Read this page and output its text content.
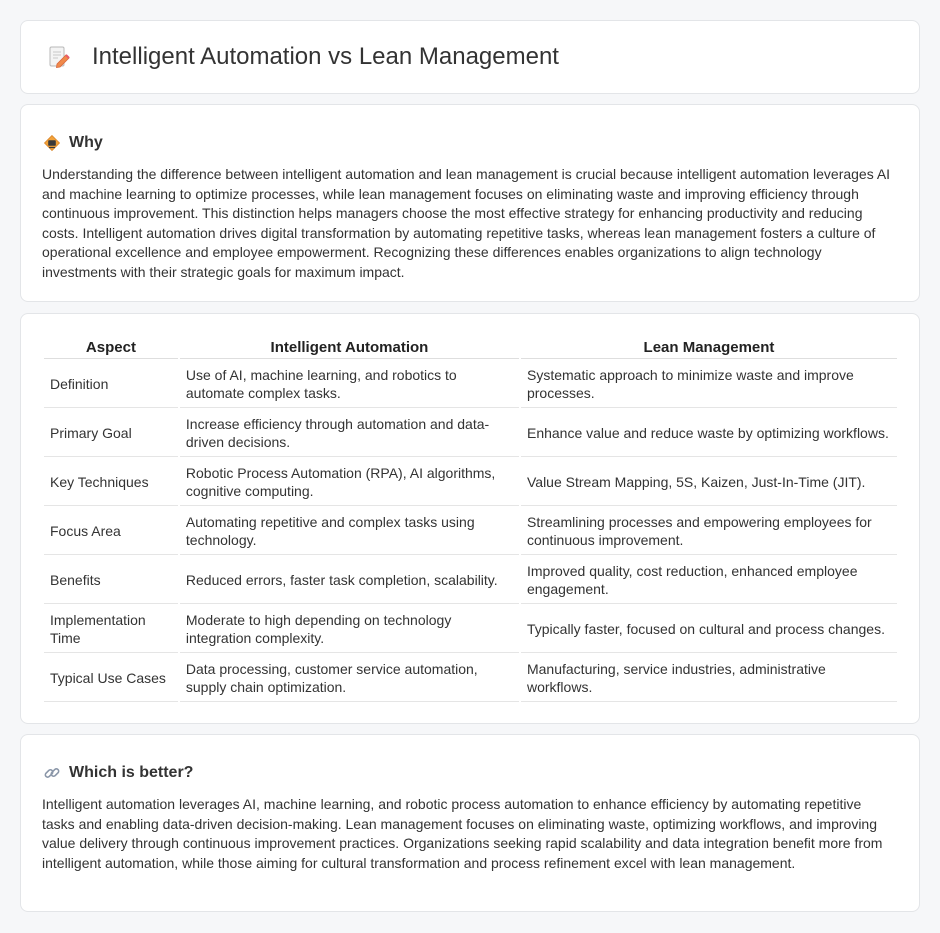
Intelligent Automation vs Lean Management
Why

Understanding the difference between intelligent automation and lean management is crucial because intelligent automation leverages AI and machine learning to optimize processes, while lean management focuses on eliminating waste and improving efficiency through continuous improvement. This distinction helps managers choose the most effective strategy for enhancing productivity and reducing costs. Intelligent automation drives digital transformation by automating repetitive tasks, whereas lean management fosters a culture of operational excellence and employee empowerment. Recognizing these differences enables organizations to align technology investments with their strategic goals for maximum impact.

Aspect	Intelligent Automation	Lean Management
Definition	Use of AI, machine learning, and robotics to automate complex tasks.	Systematic approach to minimize waste and improve processes.
Primary Goal	Increase efficiency through automation and data-driven decisions.	Enhance value and reduce waste by optimizing workflows.
Key Techniques	Robotic Process Automation (RPA), AI algorithms, cognitive computing.	Value Stream Mapping, 5S, Kaizen, Just-In-Time (JIT).
Focus Area	Automating repetitive and complex tasks using technology.	Streamlining processes and empowering employees for continuous improvement.
Benefits	Reduced errors, faster task completion, scalability.	Improved quality, cost reduction, enhanced employee engagement.
Implementation Time	Moderate to high depending on technology integration complexity.	Typically faster, focused on cultural and process changes.
Typical Use Cases	Data processing, customer service automation, supply chain optimization.	Manufacturing, service industries, administrative workflows.
Which is better?

Intelligent automation leverages AI, machine learning, and robotic process automation to enhance efficiency by automating repetitive tasks and enabling data-driven decision-making. Lean management focuses on eliminating waste, optimizing workflows, and improving value delivery through continuous improvement practices. Organizations seeking rapid scalability and data integration benefit more from intelligent automation, while those aiming for cultural transformation and process refinement excel with lean management.
